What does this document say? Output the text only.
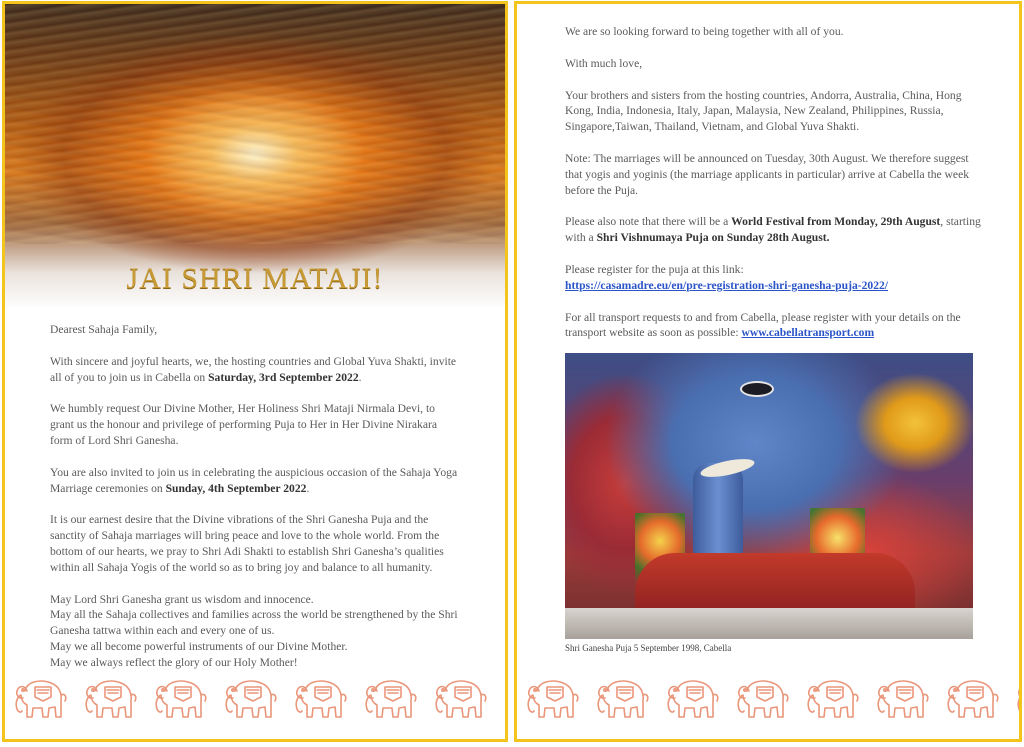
JAI SHRI MATAJI!

Dearest Sahaja Family,

With sincere and joyful hearts, we, the hosting countries and Global Yuva Shakti, invite all of you to join us in Cabella on Saturday, 3rd September 2022.

We humbly request Our Divine Mother, Her Holiness Shri Mataji Nirmala Devi, to grant us the honour and privilege of performing Puja to Her in Her Divine Nirakara form of Lord Shri Ganesha.

You are also invited to join us in celebrating the auspicious occasion of the Sahaja Yoga Marriage ceremonies on Sunday, 4th September 2022.

It is our earnest desire that the Divine vibrations of the Shri Ganesha Puja and the sanctity of Sahaja marriages will bring peace and love to the whole world. From the bottom of our hearts, we pray to Shri Adi Shakti to establish Shri Ganesha’s qualities within all Sahaja Yogis of the world so as to bring joy and balance to all humanity.

May Lord Shri Ganesha grant us wisdom and innocence.
May all the Sahaja collectives and families across the world be strengthened by the Shri Ganesha tattwa within each and every one of us.
May we all become powerful instruments of our Divine Mother.
May we always reflect the glory of our Holy Mother!

We are so looking forward to being together with all of you.

With much love,

Your brothers and sisters from the hosting countries, Andorra, Australia, China, Hong Kong, India, Indonesia, Italy, Japan, Malaysia, New Zealand, Philippines, Russia, Singapore,Taiwan, Thailand, Vietnam, and Global Yuva Shakti.

Note: The marriages will be announced on Tuesday, 30th August. We therefore suggest that yogis and yoginis (the marriage applicants in particular) arrive at Cabella the week before the Puja.

Please also note that there will be a World Festival from Monday, 29th August, starting with a Shri Vishnumaya Puja on Sunday 28th August.

Please register for the puja at this link:
https://casamadre.eu/en/pre-registration-shri-ganesha-puja-2022/

For all transport requests to and from Cabella, please register with your details on the transport website as soon as possible: www.cabellatransport.com

Shri Ganesha Puja 5 September 1998, Cabella
